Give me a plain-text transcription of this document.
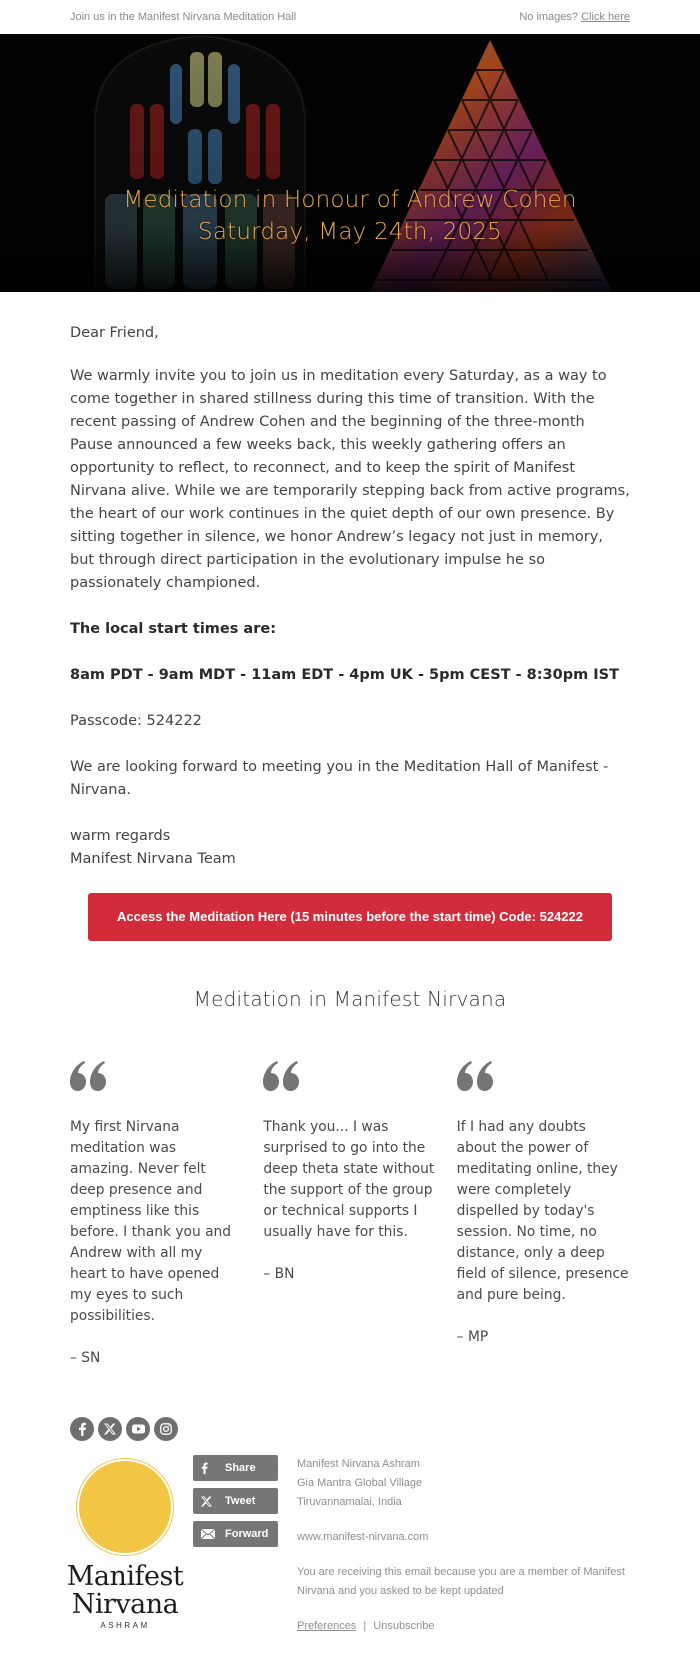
Join us in the Manifest Nirvana Meditation Hall	No images? Click here
Meditation in Honour of Andrew Cohen
Saturday, May 24th, 2025

Dear Friend,

We warmly invite you to join us in meditation every Saturday, as a way to come together in shared stillness during this time of transition. With the recent passing of Andrew Cohen and the beginning of the three-month Pause announced a few weeks back, this weekly gathering offers an opportunity to reflect, to reconnect, and to keep the spirit of Manifest Nirvana alive. While we are temporarily stepping back from active programs, the heart of our work continues in the quiet depth of our own presence. By sitting together in silence, we honor Andrew’s legacy not just in memory, but through direct participation in the evolutionary impulse he so passionately championed.

The local start times are:

8am PDT - 9am MDT - 11am EDT - 4pm UK - 5pm CEST - 8:30pm IST

Passcode: 524222

We are looking forward to meeting you in the Meditation Hall of Manifest - Nirvana.

warm regards
Manifest Nirvana Team

Access the Meditation Here (15 minutes before the start time) Code: 524222
Meditation in Manifest Nirvana
My first Nirvana meditation was amazing. Never felt deep presence and emptiness like this before. I thank you and Andrew with all my heart to have opened my eyes to such possibilities.
– SN
Thank you... I was surprised to go into the deep theta state without the support of the group or technical supports I usually have for this.
– BN
If I had any doubts about the power of meditating online, they were completely dispelled by today's session. No time, no distance, only a deep field of silence, presence and pure being.
– MP
Manifest
Nirvana
ASHRAM
Share
Tweet
Forward
Manifest Nirvana Ashram
Gia Mantra Global Village
Tiruvannamalai, India
www.manifest-nirvana.com
You are receiving this email because you are a member of Manifest Nirvana and you asked to be kept updated
Preferences | Unsubscribe
